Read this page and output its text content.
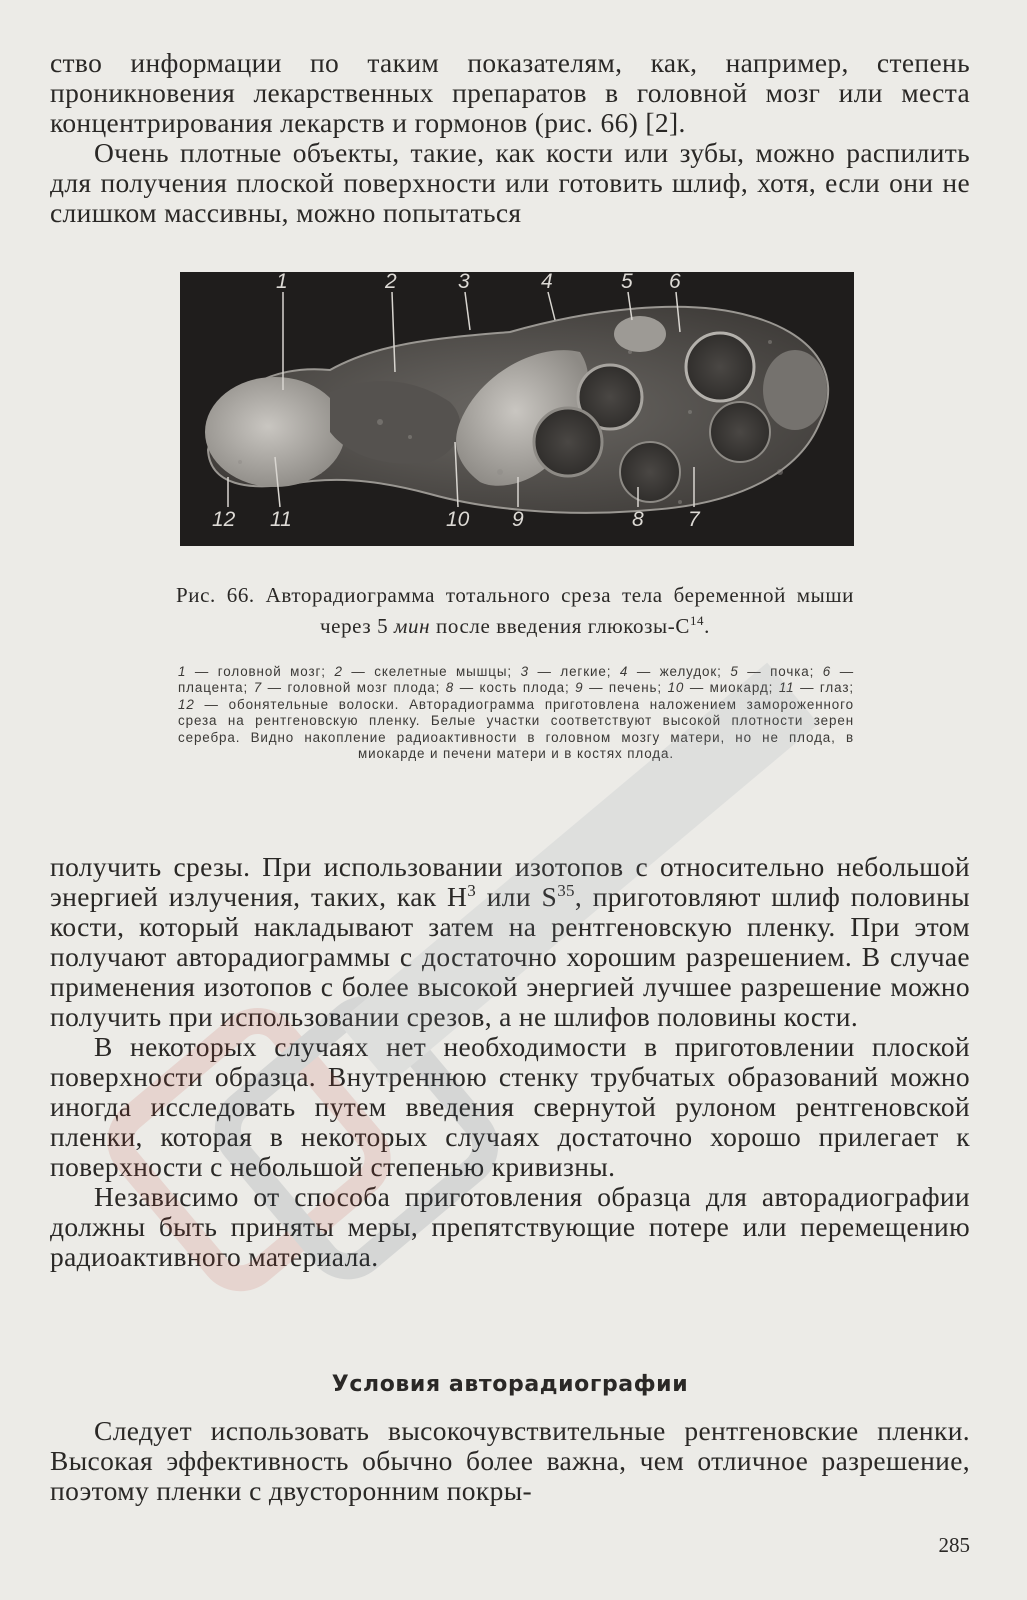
ство информации по таким показателям, как, например, степень проникновения лекарственных препаратов в головной мозг или места концентрирования лекарств и гормонов (рис. 66) [2].

Очень плотные объекты, такие, как кости или зубы, можно распилить для получения плоской поверхности или готовить шлиф, хотя, если они не слишком массивны, можно попытаться

1	2	3	4	5 6
12 11	10 9	8 7
Рис. 66. Авторадиограмма тотального среза тела беременной мыши через 5 мин после введения глюкозы-$C^{14}$.
1 — головной мозг; 2 — скелетные мышцы; 3 — легкие; 4 — желудок; 5 — почка; 6 — плацента; 7 — головной мозг плода; 8 — кость плода; 9 — печень; 10 — миокард; 11 — глаз; 12 — обонятельные волоски. Авторадиограмма приготовлена наложением замороженного среза на рентгеновскую пленку. Белые участки соответствуют высокой плотности зерен серебра. Видно накопление радиоактивности в головном мозгу матери, но не плода, в миокарде и печени матери и в костях плода.

получить срезы. При использовании изотопов с относительно небольшой энергией излучения, таких, как $H^3$ или $S^{35}$, приготовляют шлиф половины кости, который накладывают затем на рентгеновскую пленку. При этом получают авторадиограммы с достаточно хорошим разрешением. В случае применения изотопов с более высокой энергией лучшее разрешение можно получить при использовании срезов, а не шлифов половины кости.

В некоторых случаях нет необходимости в приготовлении плоской поверхности образца. Внутреннюю стенку трубчатых образований можно иногда исследовать путем введения свернутой рулоном рентгеновской пленки, которая в некоторых случаях достаточно хорошо прилегает к поверхности с небольшой степенью кривизны.

Независимо от способа приготовления образца для авторадиографии должны быть приняты меры, препятствующие потере или перемещению радиоактивного материала.

Условия авторадиографии

Следует использовать высокочувствительные рентгеновские пленки. Высокая эффективность обычно более важна, чем отличное разрешение, поэтому пленки с двусторонним покры-

285
